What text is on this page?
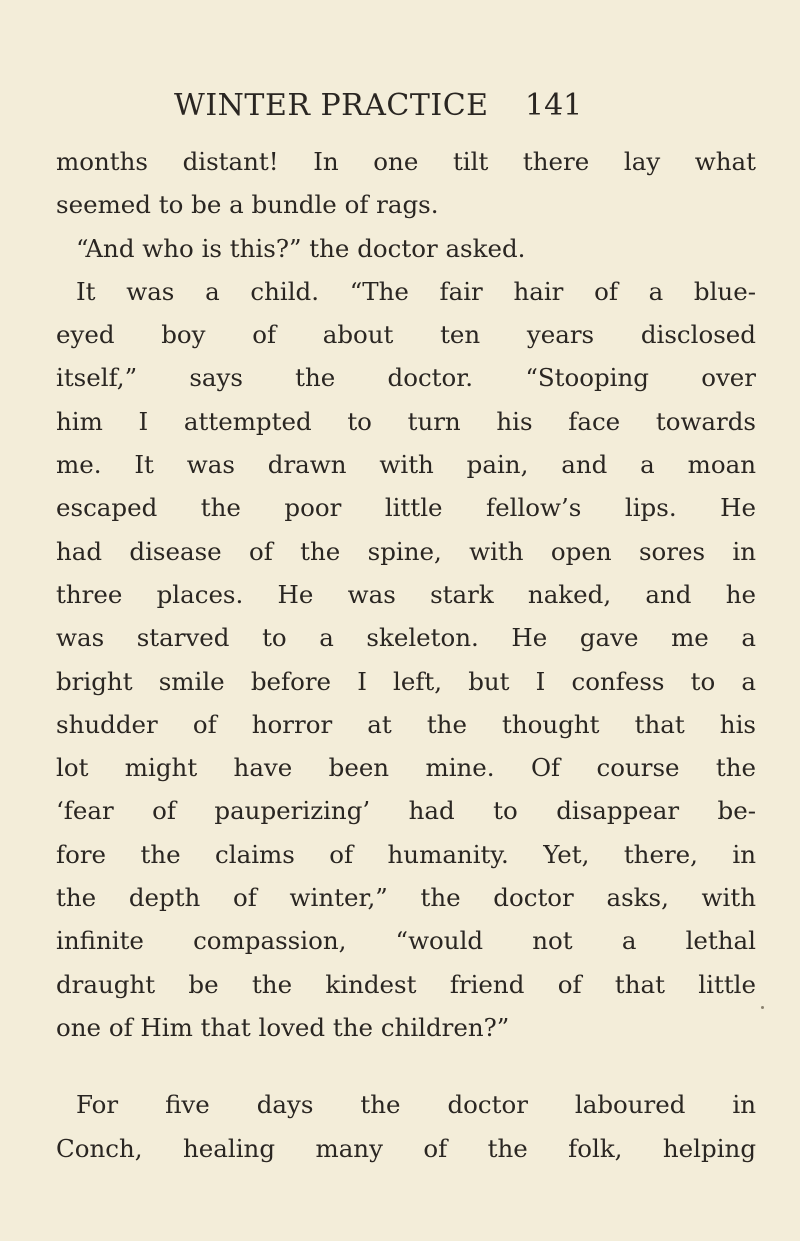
WINTER PRACTICE	141
months distant! In one tilt there lay what
seemed to be a bundle of rags.
“And who is this?” the doctor asked.
It was a child. “The fair hair of a blue-
eyed boy of about ten years disclosed
itself,” says the doctor. “Stooping over
him I attempted to turn his face towards
me. It was drawn with pain, and a moan
escaped the poor little fellow’s lips. He
had disease of the spine, with open sores in
three places. He was stark naked, and he
was starved to a skeleton. He gave me a
bright smile before I left, but I confess to a
shudder of horror at the thought that his
lot might have been mine. Of course the
‘fear of pauperizing’ had to disappear be-
fore the claims of humanity. Yet, there, in
the depth of winter,” the doctor asks, with
infinite compassion, “would not a lethal
draught be the kindest friend of that little
one of Him that loved the children?”
For five days the doctor laboured in
Conch, healing many of the folk, helping
